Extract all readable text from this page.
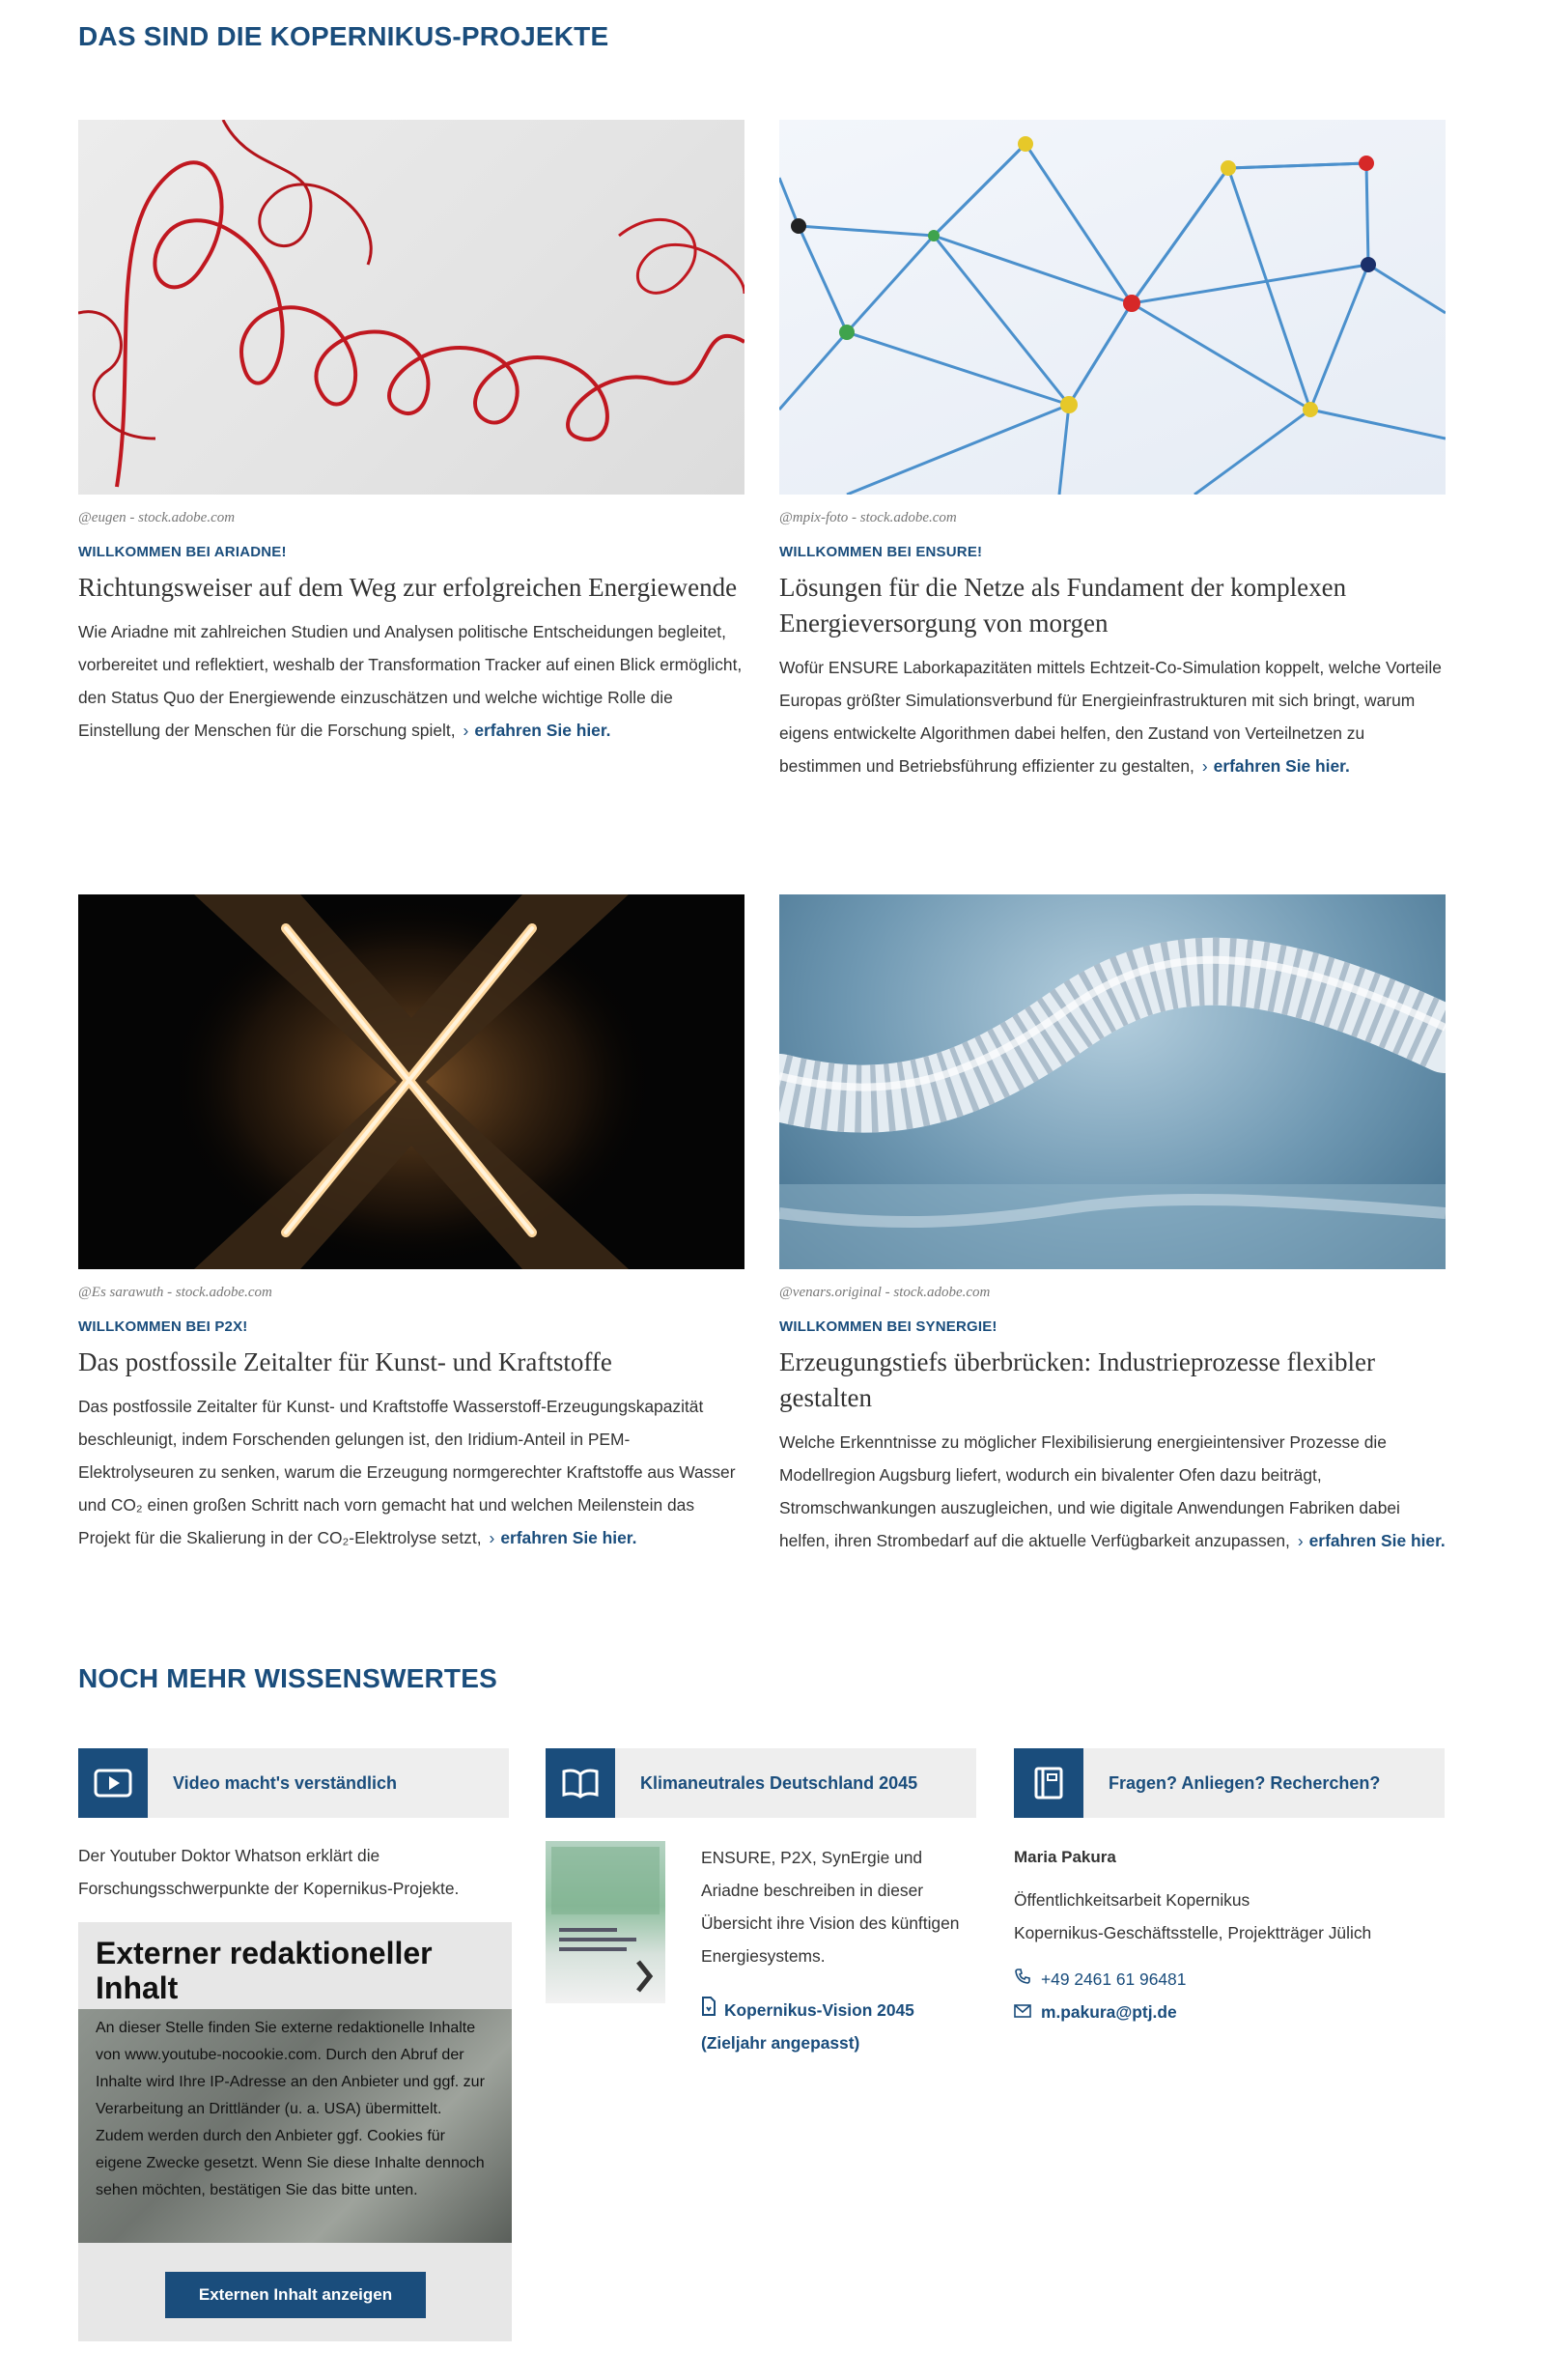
DAS SIND DIE KOPERNIKUS-PROJEKTE
@eugen - stock.adobe.com
WILLKOMMEN BEI ARIADNE!
Richtungsweiser auf dem Weg zur erfolgreichen Energiewende
Wie Ariadne mit zahlreichen Studien und Analysen politische Entscheidungen begleitet, vorbereitet und reflektiert, weshalb der Transformation Tracker auf einen Blick ermöglicht, den Status Quo der Energiewende einzuschätzen und welche wichtige Rolle die Einstellung der Menschen für die Forschung spielt, › erfahren Sie hier.
@mpix-foto - stock.adobe.com
WILLKOMMEN BEI ENSURE!
Lösungen für die Netze als Fundament der komplexen Energieversorgung von morgen
Wofür ENSURE Laborkapazitäten mittels Echtzeit-Co-Simulation koppelt, welche Vorteile Europas größter Simulationsverbund für Energieinfrastrukturen mit sich bringt, warum eigens entwickelte Algorithmen dabei helfen, den Zustand von Verteilnetzen zu bestimmen und Betriebsführung effizienter zu gestalten, › erfahren Sie hier.
@Es sarawuth - stock.adobe.com
WILLKOMMEN BEI P2X!
Das postfossile Zeitalter für Kunst- und Kraftstoffe
Das postfossile Zeitalter für Kunst- und Kraftstoffe Wasserstoff-Erzeugungskapazität beschleunigt, indem Forschenden gelungen ist, den Iridium-Anteil in PEM-Elektrolyseuren zu senken, warum die Erzeugung normgerechter Kraftstoffe aus Wasser und CO₂ einen großen Schritt nach vorn gemacht hat und welchen Meilenstein das Projekt für die Skalierung in der CO₂-Elektrolyse setzt, › erfahren Sie hier.
@venars.original - stock.adobe.com
WILLKOMMEN BEI SYNERGIE!
Erzeugungstiefs überbrücken: Industrieprozesse flexibler gestalten
Welche Erkenntnisse zu möglicher Flexibilisierung energieintensiver Prozesse die Modellregion Augsburg liefert, wodurch ein bivalenter Ofen dazu beiträgt, Stromschwankungen auszugleichen, und wie digitale Anwendungen Fabriken dabei helfen, ihren Strombedarf auf die aktuelle Verfügbarkeit anzupassen, › erfahren Sie hier.
NOCH MEHR WISSENSWERTES
Video macht's verständlich
Der Youtuber Doktor Whatson erklärt die Forschungsschwerpunkte der Kopernikus-Projekte.
Externer redaktioneller Inhalt
An dieser Stelle finden Sie externe redaktionelle Inhalte von www.youtube-nocookie.com. Durch den Abruf der Inhalte wird Ihre IP-Adresse an den Anbieter und ggf. zur Verarbeitung an Drittländer (u. a. USA) übermittelt. Zudem werden durch den Anbieter ggf. Cookies für eigene Zwecke gesetzt. Wenn Sie diese Inhalte dennoch sehen möchten, bestätigen Sie das bitte unten.
Externen Inhalt anzeigen
Klimaneutrales Deutschland 2045
ENSURE, P2X, SynErgie und Ariadne beschreiben in dieser Übersicht ihre Vision des künftigen Energiesystems.
Kopernikus-Vision 2045 (Zieljahr angepasst)
Fragen? Anliegen? Recherchen?
Maria Pakura
Öffentlichkeitsarbeit Kopernikus
Kopernikus-Geschäftsstelle, Projektträger Jülich
+49 2461 61 96481
m.pakura@ptj.de
